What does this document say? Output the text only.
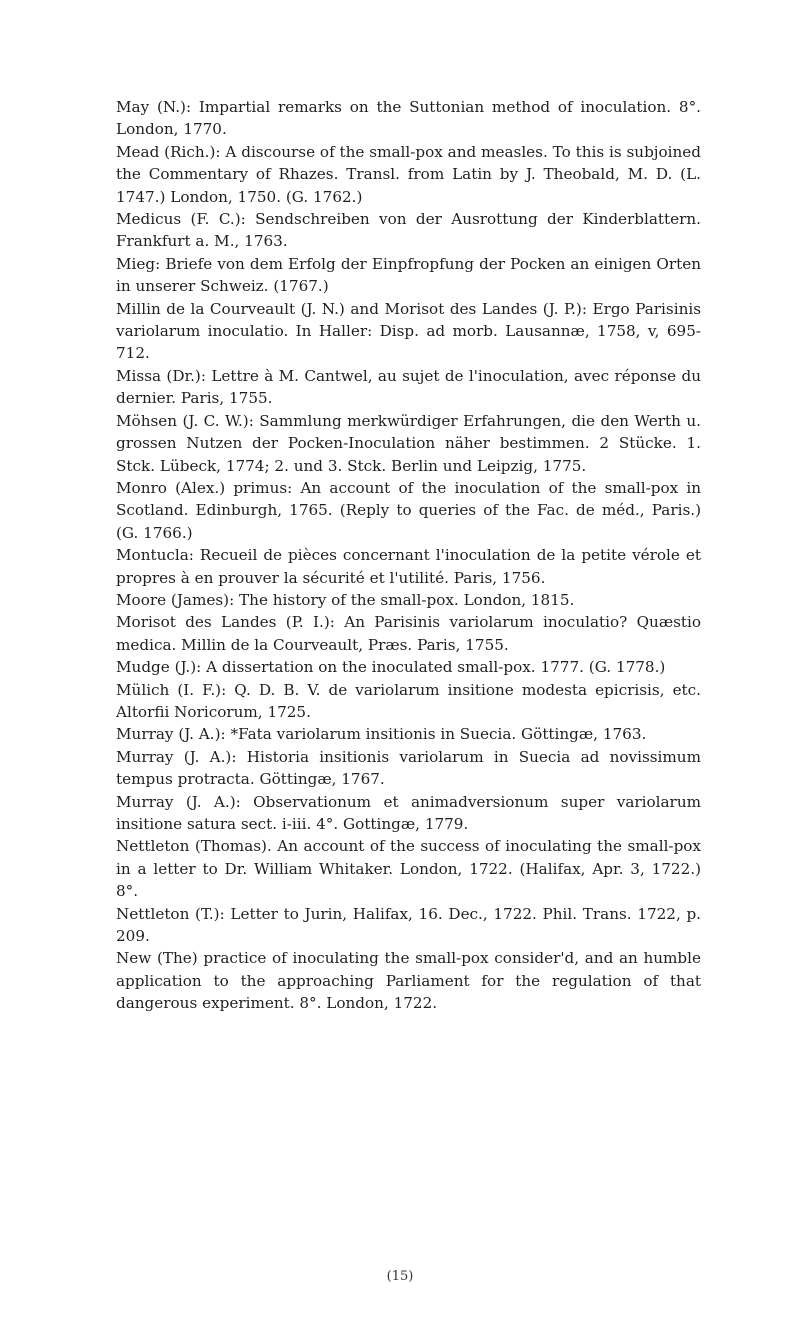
May (N.): Impartial remarks on the Suttonian method of inoculation. 8°. London, 1770.

Mead (Rich.): A discourse of the small-pox and measles. To this is subjoined the Commentary of Rhazes. Transl. from Latin by J. Theobald, M. D. (L. 1747.) London, 1750. (G. 1762.)

Medicus (F. C.): Sendschreiben von der Ausrottung der Kinderblattern. Frankfurt a. M., 1763.

Mieg: Briefe von dem Erfolg der Einpfropfung der Pocken an einigen Orten in unserer Schweiz. (1767.)

Millin de la Courveault (J. N.) and Morisot des Landes (J. P.): Ergo Parisinis variolarum inoculatio. In Haller: Disp. ad morb. Lausannæ, 1758, v, 695-712.

Missa (Dr.): Lettre à M. Cantwel, au sujet de l'inoculation, avec réponse du dernier. Paris, 1755.

Möhsen (J. C. W.): Sammlung merkwürdiger Erfahrungen, die den Werth u. grossen Nutzen der Pocken-Inoculation näher bestimmen. 2 Stücke. 1. Stck. Lübeck, 1774; 2. und 3. Stck. Berlin und Leipzig, 1775.

Monro (Alex.) primus: An account of the inoculation of the small-pox in Scotland. Edinburgh, 1765. (Reply to queries of the Fac. de méd., Paris.) (G. 1766.)

Montucla: Recueil de pièces concernant l'inoculation de la petite vérole et propres à en prouver la sécurité et l'utilité. Paris, 1756.

Moore (James): The history of the small-pox. London, 1815.

Morisot des Landes (P. I.): An Parisinis variolarum inoculatio? Quæstio medica. Millin de la Courveault, Præs. Paris, 1755.

Mudge (J.): A dissertation on the inoculated small-pox. 1777. (G. 1778.)

Mülich (I. F.): Q. D. B. V. de variolarum insitione modesta epicrisis, etc. Altorfii Noricorum, 1725.

Murray (J. A.): *Fata variolarum insitionis in Suecia. Göttingæ, 1763.

Murray (J. A.): Historia insitionis variolarum in Suecia ad novissimum tempus protracta. Göttingæ, 1767.

Murray (J. A.): Observationum et animadversionum super variolarum insitione satura sect. i-iii. 4°. Gottingæ, 1779.

Nettleton (Thomas). An account of the success of inoculating the small-pox in a letter to Dr. William Whitaker. London, 1722. (Halifax, Apr. 3, 1722.) 8°.

Nettleton (T.): Letter to Jurin, Halifax, 16. Dec., 1722. Phil. Trans. 1722, p. 209.

New (The) practice of inoculating the small-pox consider'd, and an humble application to the approaching Parliament for the regulation of that dangerous experiment. 8°. London, 1722.

(15)
